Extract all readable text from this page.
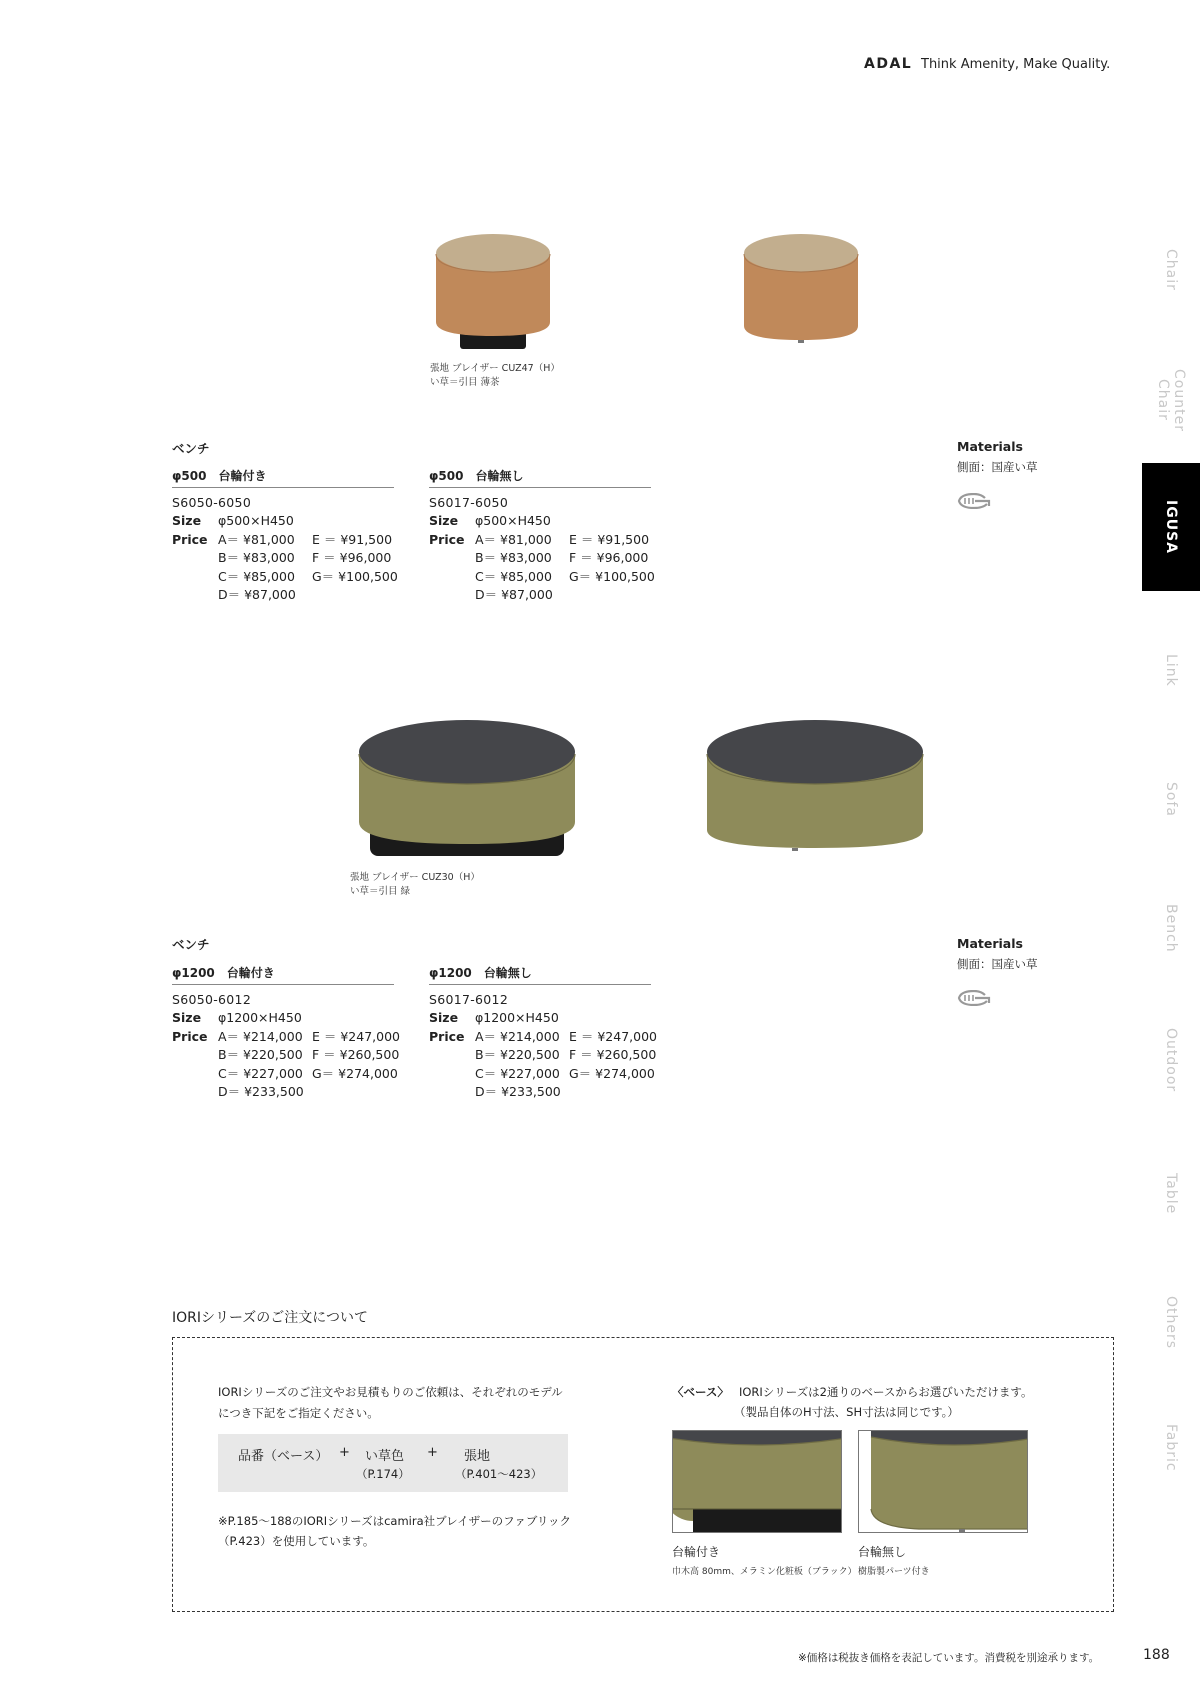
ADAL Think Amenity, Make Quality.
Chair
Counter
Chair
IGUSA
Link
Sofa
Bench
Outdoor
Table
Others
Fabric
張地 ブレイザー CUZ47（H）
い草＝引目 薄茶
ベンチ
φ500 台輪付き
S6050-6050
Size	φ500×H450
Price A＝ ¥81,000	E ＝ ¥91,500
B＝ ¥83,000	F ＝ ¥96,000
C＝ ¥85,000	G＝ ¥100,500
D＝ ¥87,000
φ500 台輪無し
S6017-6050
Size	φ500×H450
Price A＝ ¥81,000	E ＝ ¥91,500
B＝ ¥83,000	F ＝ ¥96,000
C＝ ¥85,000	G＝ ¥100,500
D＝ ¥87,000
Materials
側面：国産い草
張地 ブレイザー CUZ30（H）
い草＝引目 緑
ベンチ
φ1200 台輪付き
S6050-6012
Size	φ1200×H450
Price A＝ ¥214,000 E ＝ ¥247,000
B＝ ¥220,500 F ＝ ¥260,500
C＝ ¥227,000 G＝ ¥274,000
D＝ ¥233,500
φ1200 台輪無し
S6017-6012
Size	φ1200×H450
Price A＝ ¥214,000 E ＝ ¥247,000
B＝ ¥220,500 F ＝ ¥260,500
C＝ ¥227,000 G＝ ¥274,000
D＝ ¥233,500
Materials
側面：国産い草
IORIシリーズのご注文について
IORIシリーズのご注文やお見積もりのご依頼は、それぞれのモデル
につき下記をご指定ください。
品番（ベース） + い草色
（P.174）
+ 張地
（P.401～423）
※P.185～188のIORIシリーズはcamira社ブレイザーのファブリック
（P.423）を使用しています。
〈ベース〉 IORIシリーズは2通りのベースからお選びいただけます。
（製品自体のH寸法、SH寸法は同じです。）
台輪付き
巾木高 80mm、メラミン化粧板（ブラック）
台輪無し
樹脂製パーツ付き
※価格は税抜き価格を表記しています。消費税を別途承ります。	188
